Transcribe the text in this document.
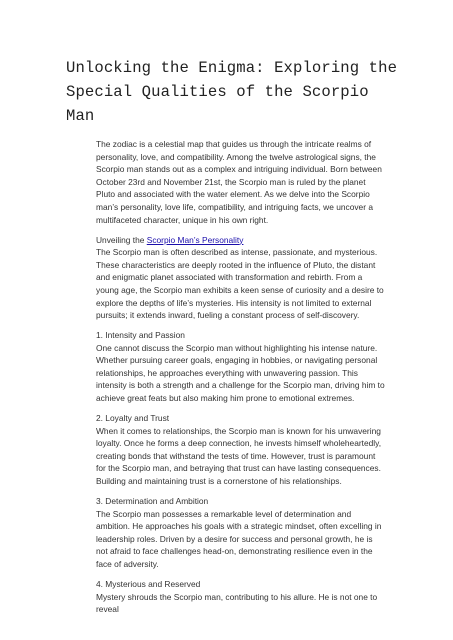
Unlocking the Enigma: Exploring the Special Qualities of the Scorpio Man

The zodiac is a celestial map that guides us through the intricate realms of personality, love, and compatibility. Among the twelve astrological signs, the Scorpio man stands out as a complex and intriguing individual. Born between October 23rd and November 21st, the Scorpio man is ruled by the planet Pluto and associated with the water element. As we delve into the Scorpio man’s personality, love life, compatibility, and intriguing facts, we uncover a multifaceted character, unique in his own right.

Unveiling the Scorpio Man’s Personality

The Scorpio man is often described as intense, passionate, and mysterious. These characteristics are deeply rooted in the influence of Pluto, the distant and enigmatic planet associated with transformation and rebirth. From a young age, the Scorpio man exhibits a keen sense of curiosity and a desire to explore the depths of life’s mysteries. His intensity is not limited to external pursuits; it extends inward, fueling a constant process of self-discovery.

1. Intensity and Passion

One cannot discuss the Scorpio man without highlighting his intense nature. Whether pursuing career goals, engaging in hobbies, or navigating personal relationships, he approaches everything with unwavering passion. This intensity is both a strength and a challenge for the Scorpio man, driving him to achieve great feats but also making him prone to emotional extremes.

2. Loyalty and Trust

When it comes to relationships, the Scorpio man is known for his unwavering loyalty. Once he forms a deep connection, he invests himself wholeheartedly, creating bonds that withstand the tests of time. However, trust is paramount for the Scorpio man, and betraying that trust can have lasting consequences. Building and maintaining trust is a cornerstone of his relationships.

3. Determination and Ambition

The Scorpio man possesses a remarkable level of determination and ambition. He approaches his goals with a strategic mindset, often excelling in leadership roles. Driven by a desire for success and personal growth, he is not afraid to face challenges head-on, demonstrating resilience even in the face of adversity.

4. Mysterious and Reserved

Mystery shrouds the Scorpio man, contributing to his allure. He is not one to reveal
